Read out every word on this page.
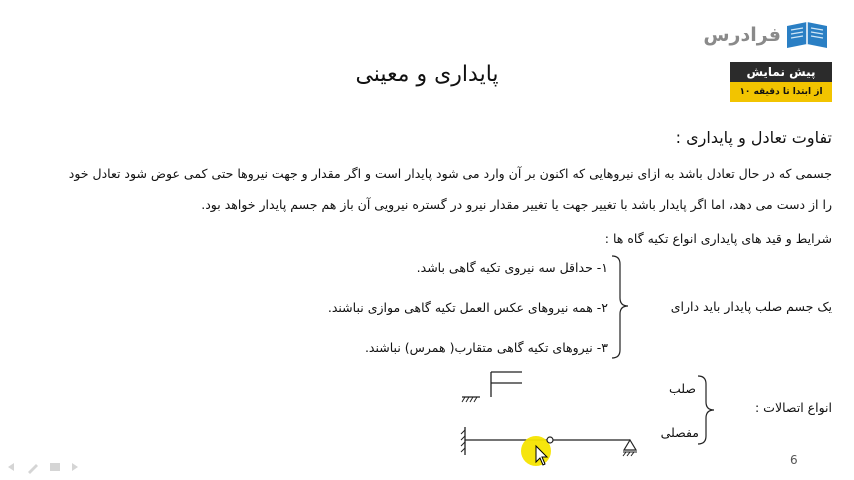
فرادرس
پیش نمایش
از ابتدا تا دقیقه ۱۰
پایداری و معینی
تفاوت تعادل و پایداری :
جسمی که در حال تعادل باشد به ازای نیروهایی که اکنون بر آن وارد می شود پایدار است و اگر مقدار و جهت نیروها حتی کمی عوض شود تعادل خود
را از دست می دهد، اما اگر پایدار باشد با تغییر جهت یا تغییر مقدار نیرو در گستره نیرویی آن باز هم جسم پایدار خواهد بود.
شرایط و قید های پایداری انواع تکیه گاه ها :
۱- حداقل سه نیروی تکیه گاهی باشد.
۲- همه نیروهای عکس العمل تکیه گاهی موازی نباشند.
۳- نیروهای تکیه گاهی متقارب( همرس) نباشند.
یک جسم صلب پایدار باید دارای
انواع اتصالات :
صلب
مفصلی
6
